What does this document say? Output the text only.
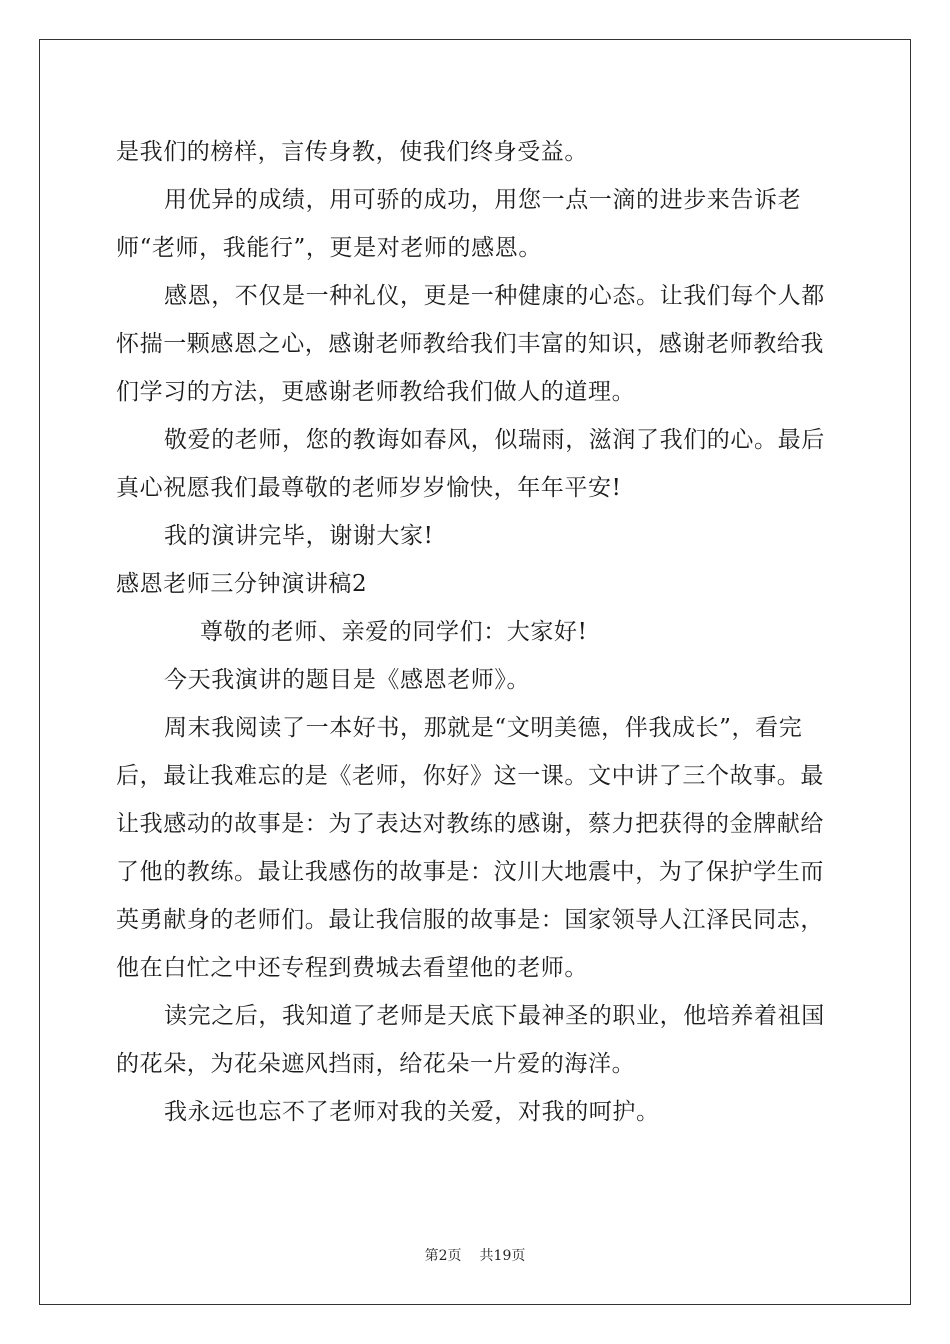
是我们的榜样，言传身教，使我们终身受益。

用优异的成绩，用可骄的成功，用您一点一滴的进步来告诉老师“老师，我能行”，更是对老师的感恩。

感恩，不仅是一种礼仪，更是一种健康的心态。让我们每个人都怀揣一颗感恩之心，感谢老师教给我们丰富的知识，感谢老师教给我们学习的方法，更感谢老师教给我们做人的道理。

敬爱的老师，您的教诲如春风，似瑞雨，滋润了我们的心。最后真心祝愿我们最尊敬的老师岁岁愉快，年年平安!

我的演讲完毕，谢谢大家!

感恩老师三分钟演讲稿2

尊敬的老师、亲爱的同学们：大家好!

今天我演讲的题目是《感恩老师》。

周末我阅读了一本好书，那就是“文明美德，伴我成长”，看完后，最让我难忘的是《老师，你好》这一课。文中讲了三个故事。最让我感动的故事是：为了表达对教练的感谢，蔡力把获得的金牌献给了他的教练。最让我感伤的故事是：汶川大地震中，为了保护学生而英勇献身的老师们。最让我信服的故事是：国家领导人江泽民同志，他在白忙之中还专程到费城去看望他的老师。

读完之后，我知道了老师是天底下最神圣的职业，他培养着祖国的花朵，为花朵遮风挡雨，给花朵一片爱的海洋。

我永远也忘不了老师对我的关爱，对我的呵护。

第2页 共19页
